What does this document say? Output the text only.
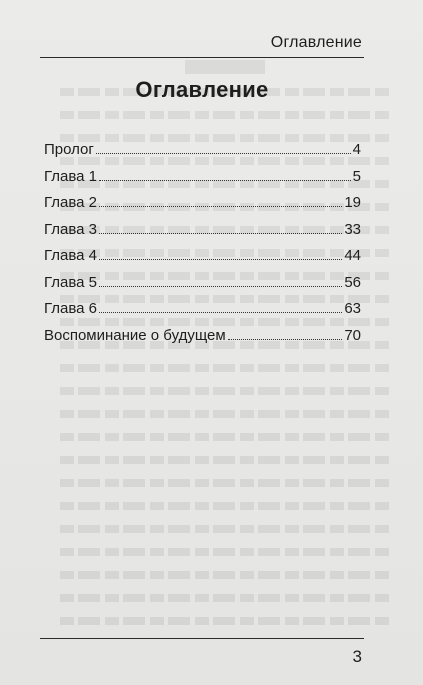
Оглавление
Оглавление
Пролог	4
Глава 1	5
Глава 2	19
Глава 3	33
Глава 4	44
Глава 5	56
Глава 6	63
Воспоминание о будущем	70
3
